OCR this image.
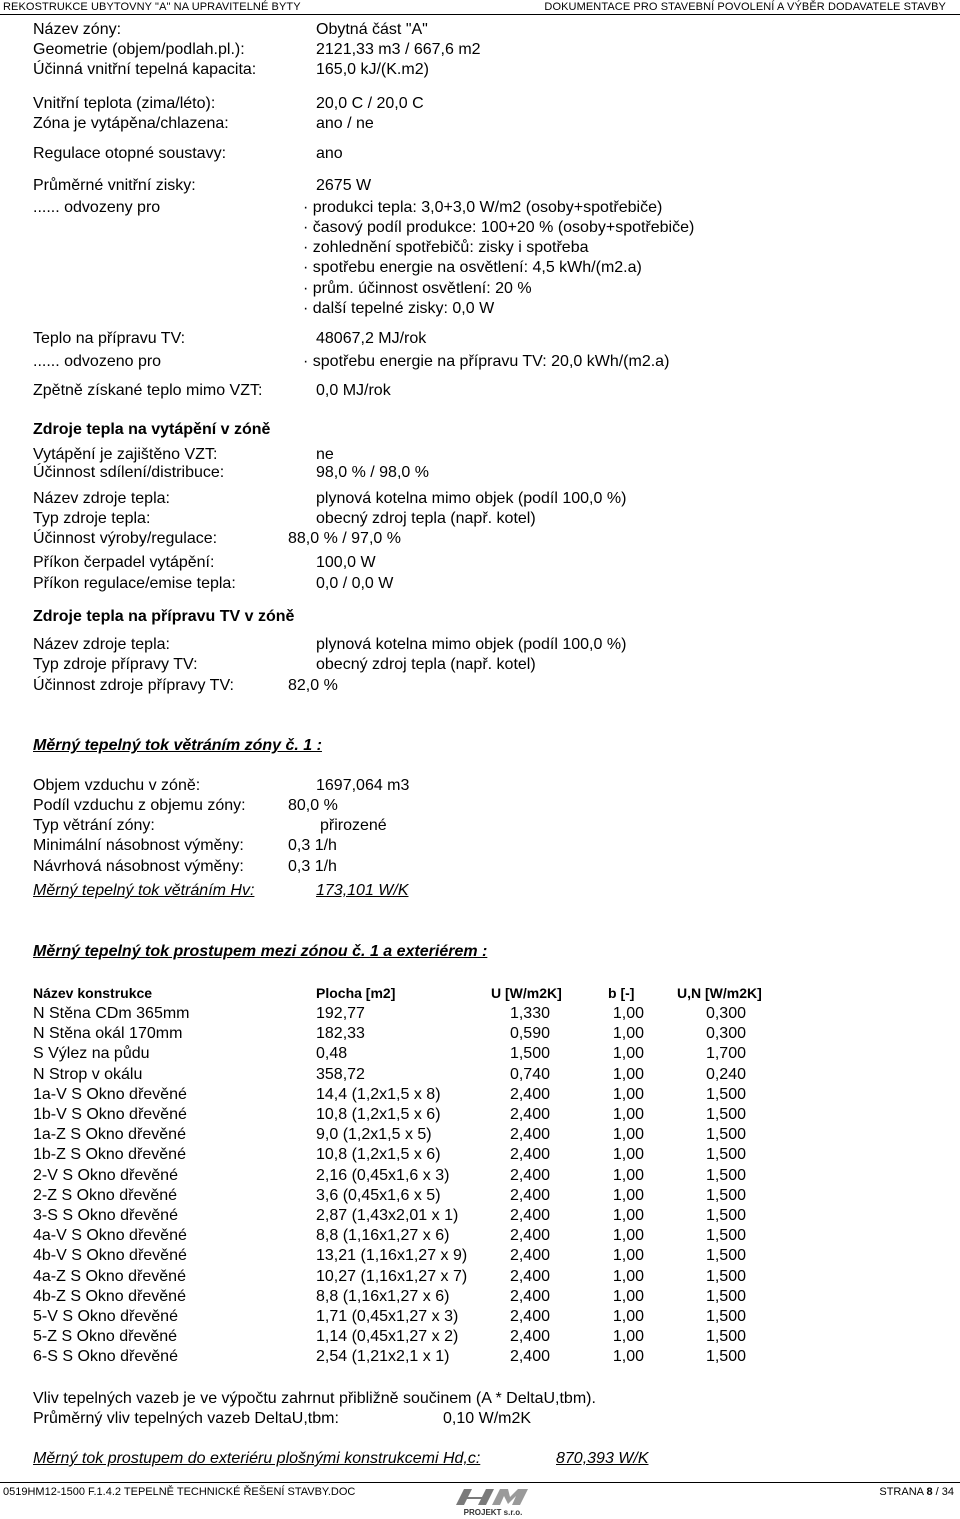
REKOSTRUKCE UBYTOVNY "A" NA UPRAVITELNÉ BYTY	DOKUMENTACE PRO STAVEBNÍ POVOLENÍ A VÝBĚR DODAVATELE STAVBY
Název zóny:	Obytná část "A"
Geometrie (objem/podlah.pl.):	2121,33 m3 / 667,6 m2
Účinná vnitřní tepelná kapacita:	165,0 kJ/(K.m2)
Vnitřní teplota (zima/léto):	20,0 C / 20,0 C
Zóna je vytápěna/chlazena:	ano / ne
Regulace otopné soustavy:	ano
Průměrné vnitřní zisky:	2675 W
...... odvozeny pro	· produkci tepla: 3,0+3,0 W/m2 (osoby+spotřebiče)
· časový podíl produkce: 100+20 % (osoby+spotřebiče)
· zohlednění spotřebičů: zisky i spotřeba
· spotřebu energie na osvětlení: 4,5 kWh/(m2.a)
· prům. účinnost osvětlení: 20 %
· další tepelné zisky: 0,0 W
Teplo na přípravu TV:	48067,2 MJ/rok
...... odvozeno pro	· spotřebu energie na přípravu TV: 20,0 kWh/(m2.a)
Zpětně získané teplo mimo VZT:	0,0 MJ/rok
Zdroje tepla na vytápění v zóně
Vytápění je zajištěno VZT:	ne
Účinnost sdílení/distribuce:	98,0 % / 98,0 %
Název zdroje tepla:	plynová kotelna mimo objek (podíl 100,0 %)
Typ zdroje tepla:	obecný zdroj tepla (např. kotel)
Účinnost výroby/regulace:	88,0 % / 97,0 %
Příkon čerpadel vytápění:	100,0 W
Příkon regulace/emise tepla:	0,0 / 0,0 W
Zdroje tepla na přípravu TV v zóně
Název zdroje tepla:	plynová kotelna mimo objek (podíl 100,0 %)
Typ zdroje přípravy TV:	obecný zdroj tepla (např. kotel)
Účinnost zdroje přípravy TV:	82,0 %
Měrný tepelný tok větráním zóny č. 1 :
Objem vzduchu v zóně:	1697,064 m3
Podíl vzduchu z objemu zóny:	80,0 %
Typ větrání zóny:	přirozené
Minimální násobnost výměny:	0,3 1/h
Návrhová násobnost výměny:	0,3 1/h
Měrný tepelný tok větráním Hv:	173,101 W/K
Měrný tepelný tok prostupem mezi zónou č. 1 a exteriérem :
Název konstrukce	Plocha [m2]	U [W/m2K]	b [-]	U,N [W/m2K]
N Stěna CDm 365mm	192,77	1,330	1,00	0,300
N Stěna okál 170mm	182,33	0,590	1,00	0,300
S Výlez na půdu	0,48	1,500	1,00	1,700
N Strop v okálu	358,72	0,740	1,00	0,240
1a-V S Okno dřevěné	14,4 (1,2x1,5 x 8)	2,400	1,00	1,500
1b-V S Okno dřevěné	10,8 (1,2x1,5 x 6)	2,400	1,00	1,500
1a-Z S Okno dřevěné	9,0 (1,2x1,5 x 5)	2,400	1,00	1,500
1b-Z S Okno dřevěné	10,8 (1,2x1,5 x 6)	2,400	1,00	1,500
2-V S Okno dřevěné	2,16 (0,45x1,6 x 3)	2,400	1,00	1,500
2-Z S Okno dřevěné	3,6 (0,45x1,6 x 5)	2,400	1,00	1,500
3-S S Okno dřevěné	2,87 (1,43x2,01 x 1)	2,400	1,00	1,500
4a-V S Okno dřevěné	8,8 (1,16x1,27 x 6)	2,400	1,00	1,500
4b-V S Okno dřevěné	13,21 (1,16x1,27 x 9)	2,400	1,00	1,500
4a-Z S Okno dřevěné	10,27 (1,16x1,27 x 7)	2,400	1,00	1,500
4b-Z S Okno dřevěné	8,8 (1,16x1,27 x 6)	2,400	1,00	1,500
5-V S Okno dřevěné	1,71 (0,45x1,27 x 3)	2,400	1,00	1,500
5-Z S Okno dřevěné	1,14 (0,45x1,27 x 2)	2,400	1,00	1,500
6-S S Okno dřevěné	2,54 (1,21x2,1 x 1)	2,400	1,00	1,500
Vliv tepelných vazeb je ve výpočtu zahrnut přibližně součinem (A * DeltaU,tbm).
Průměrný vliv tepelných vazeb DeltaU,tbm:	0,10 W/m2K
Měrný tok prostupem do exteriéru plošnými konstrukcemi Hd,c:	870,393 W/K
0519HM12-1500 F.1.4.2 TEPELNĚ TECHNICKÉ ŘEŠENÍ STAVBY.DOC
PROJEKT s.r.o.
STRANA 8 / 34
